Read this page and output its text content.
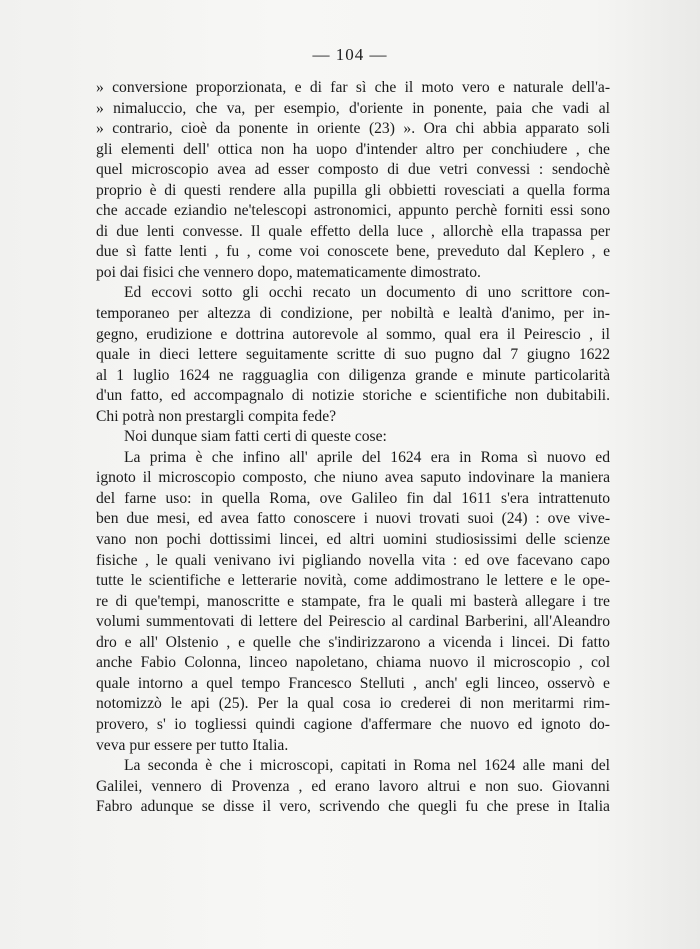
— 104 —
» conversione proporzionata, e di far sì che il moto vero e naturale dell'a-
» nimaluccio, che va, per esempio, d'oriente in ponente, paia che vadi al
» contrario, cioè da ponente in oriente (23) ». Ora chi abbia apparato soli
gli elementi dell' ottica non ha uopo d'intender altro per conchiudere , che
quel microscopio avea ad esser composto di due vetri convessi : sendochè
proprio è di questi rendere alla pupilla gli obbietti rovesciati a quella forma
che accade eziandio ne'telescopi astronomici, appunto perchè forniti essi sono
di due lenti convesse. Il quale effetto della luce , allorchè ella trapassa per
due sì fatte lenti , fu , come voi conoscete bene, preveduto dal Keplero , e
poi dai fisici che vennero dopo, matematicamente dimostrato.
Ed eccovi sotto gli occhi recato un documento di uno scrittore con-
temporaneo per altezza di condizione, per nobiltà e lealtà d'animo, per in-
gegno, erudizione e dottrina autorevole al sommo, qual era il Peirescio , il
quale in dieci lettere seguitamente scritte di suo pugno dal 7 giugno 1622
al 1 luglio 1624 ne ragguaglia con diligenza grande e minute particolarità
d'un fatto, ed accompagnalo di notizie storiche e scientifiche non dubitabili.
Chi potrà non prestargli compita fede?
Noi dunque siam fatti certi di queste cose:
La prima è che infino all' aprile del 1624 era in Roma sì nuovo ed
ignoto il microscopio composto, che niuno avea saputo indovinare la maniera
del farne uso: in quella Roma, ove Galileo fin dal 1611 s'era intrattenuto
ben due mesi, ed avea fatto conoscere i nuovi trovati suoi (24) : ove vive-
vano non pochi dottissimi lincei, ed altri uomini studiosissimi delle scienze
fisiche , le quali venivano ivi pigliando novella vita : ed ove facevano capo
tutte le scientifiche e letterarie novità, come addimostrano le lettere e le ope-
re di que'tempi, manoscritte e stampate, fra le quali mi basterà allegare i tre
volumi summentovati di lettere del Peirescio al cardinal Barberini, all'Aleandro
dro e all' Olstenio , e quelle che s'indirizzarono a vicenda i lincei. Di fatto
anche Fabio Colonna, linceo napoletano, chiama nuovo il microscopio , col
quale intorno a quel tempo Francesco Stelluti , anch' egli linceo, osservò e
notomizzò le api (25). Per la qual cosa io crederei di non meritarmi rim-
provero, s' io togliessi quindi cagione d'affermare che nuovo ed ignoto do-
veva pur essere per tutto Italia.
La seconda è che i microscopi, capitati in Roma nel 1624 alle mani del
Galilei, vennero di Provenza , ed erano lavoro altrui e non suo. Giovanni
Fabro adunque se disse il vero, scrivendo che quegli fu che prese in Italia
